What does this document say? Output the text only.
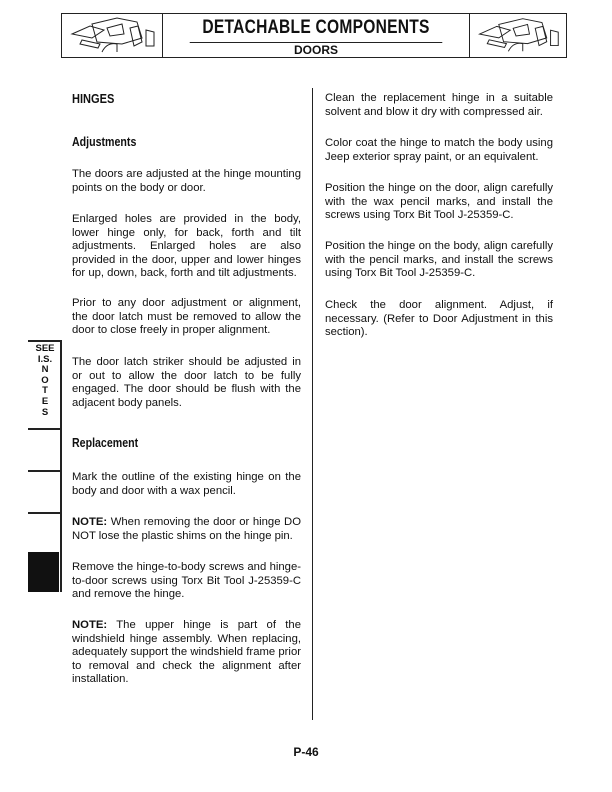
DETACHABLE COMPONENTS
DOORS
SEE
I.S.
N
O
T
E
S

HINGES

Adjustments

The doors are adjusted at the hinge mounting points on the body or door.

Enlarged holes are provided in the body, lower hinge only, for back, forth and tilt adjustments. Enlarged holes are also provided in the door, upper and lower hinges for up, down, back, forth and tilt adjustments.

Prior to any door adjustment or alignment, the door latch must be removed to allow the door to close freely in proper alignment.

The door latch striker should be adjusted in or out to allow the door latch to be fully engaged. The door should be flush with the adjacent body panels.

Replacement

Mark the outline of the existing hinge on the body and door with a wax pencil.

NOTE: When removing the door or hinge DO NOT lose the plastic shims on the hinge pin.

Remove the hinge-to-body screws and hinge-to-door screws using Torx Bit Tool J-25359-C and remove the hinge.

NOTE: The upper hinge is part of the windshield hinge assembly. When replacing, adequately support the windshield frame prior to removal and check the alignment after installation.

Clean the replacement hinge in a suitable solvent and blow it dry with compressed air.

Color coat the hinge to match the body using Jeep exterior spray paint, or an equivalent.

Position the hinge on the door, align carefully with the wax pencil marks, and install the screws using Torx Bit Tool J-25359-C.

Position the hinge on the body, align carefully with the pencil marks, and install the screws using Torx Bit Tool J-25359-C.

Check the door alignment. Adjust, if necessary. (Refer to Door Adjustment in this section).

P-46
